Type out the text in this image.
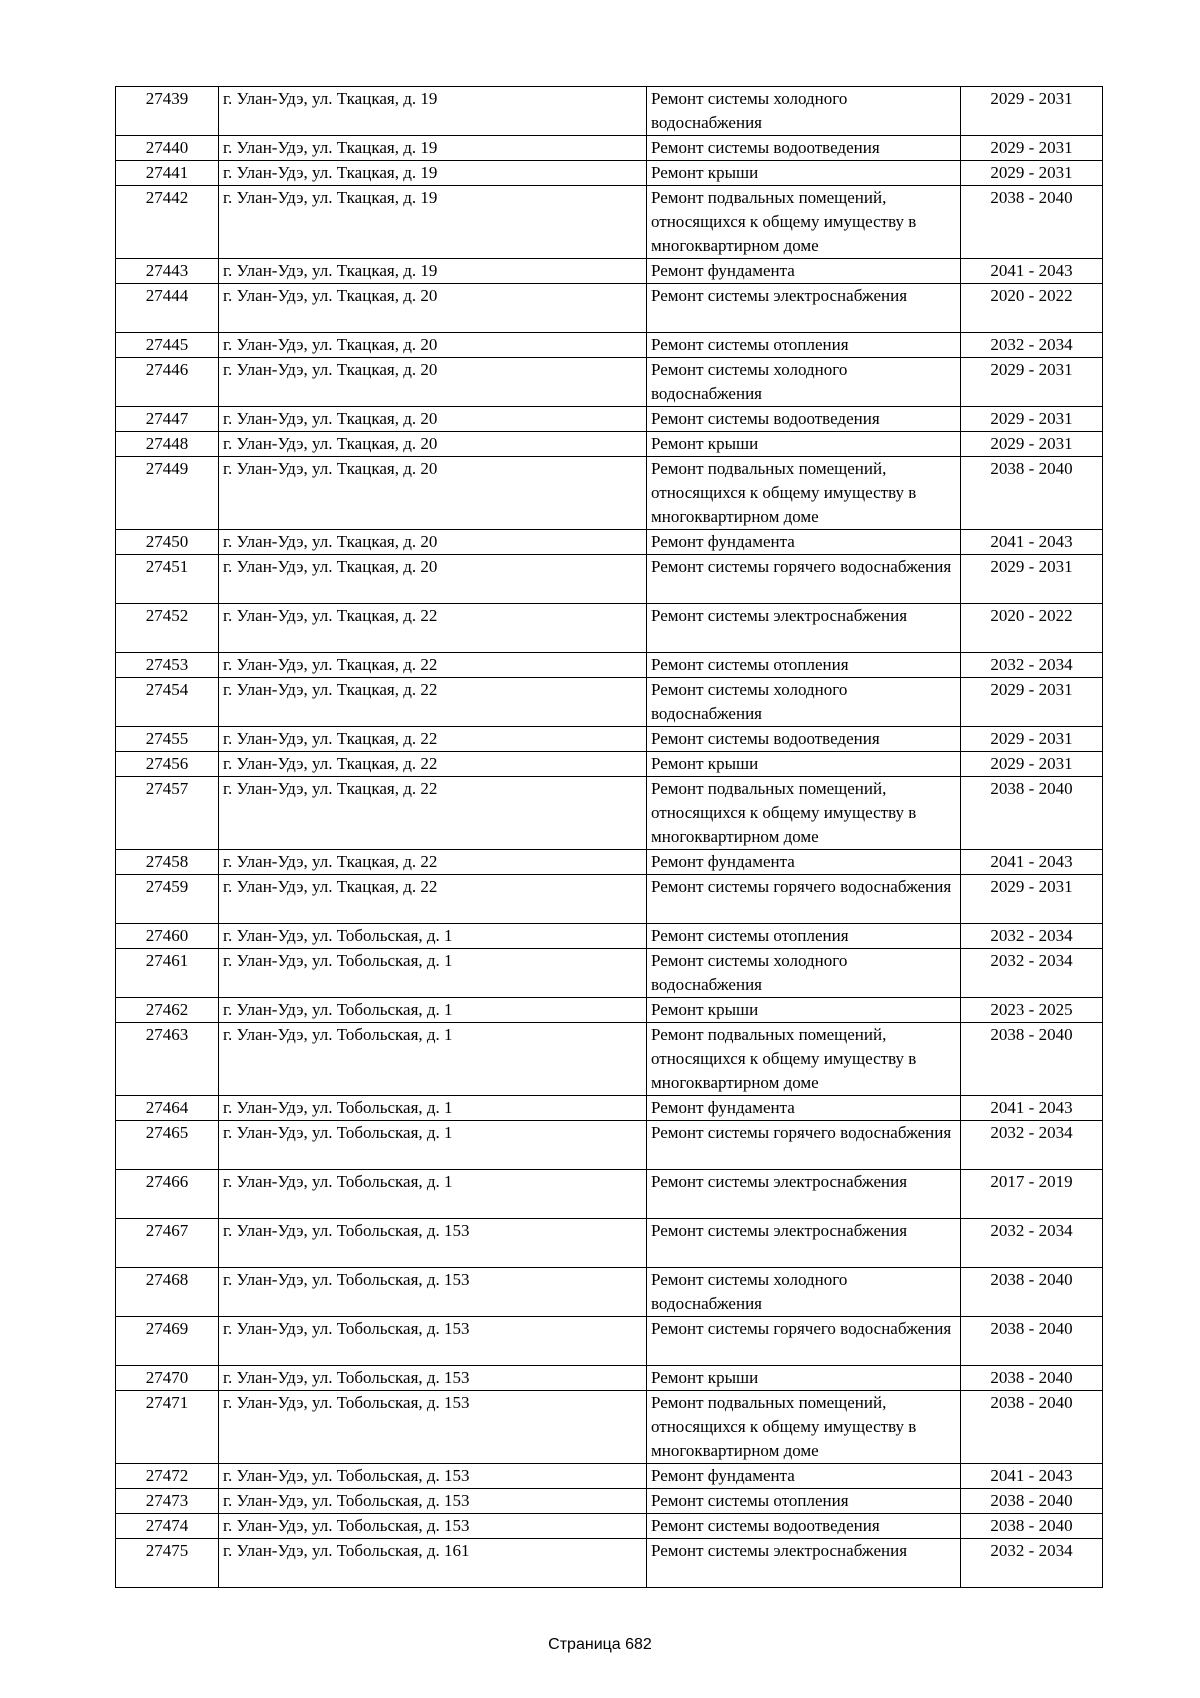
27439	г. Улан-Удэ, ул. Ткацкая, д. 19	Ремонт системы холодного водоснабжения	2029 - 2031
27440	г. Улан-Удэ, ул. Ткацкая, д. 19	Ремонт системы водоотведения	2029 - 2031
27441	г. Улан-Удэ, ул. Ткацкая, д. 19	Ремонт крыши	2029 - 2031
27442	г. Улан-Удэ, ул. Ткацкая, д. 19	Ремонт подвальных помещений, относящихся к общему имуществу в многоквартирном доме	2038 - 2040
27443	г. Улан-Удэ, ул. Ткацкая, д. 19	Ремонт фундамента	2041 - 2043
27444	г. Улан-Удэ, ул. Ткацкая, д. 20	Ремонт системы электроснабжения	2020 - 2022
27445	г. Улан-Удэ, ул. Ткацкая, д. 20	Ремонт системы отопления	2032 - 2034
27446	г. Улан-Удэ, ул. Ткацкая, д. 20	Ремонт системы холодного водоснабжения	2029 - 2031
27447	г. Улан-Удэ, ул. Ткацкая, д. 20	Ремонт системы водоотведения	2029 - 2031
27448	г. Улан-Удэ, ул. Ткацкая, д. 20	Ремонт крыши	2029 - 2031
27449	г. Улан-Удэ, ул. Ткацкая, д. 20	Ремонт подвальных помещений, относящихся к общему имуществу в многоквартирном доме	2038 - 2040
27450	г. Улан-Удэ, ул. Ткацкая, д. 20	Ремонт фундамента	2041 - 2043
27451	г. Улан-Удэ, ул. Ткацкая, д. 20	Ремонт системы горячего водоснабжения	2029 - 2031
27452	г. Улан-Удэ, ул. Ткацкая, д. 22	Ремонт системы электроснабжения	2020 - 2022
27453	г. Улан-Удэ, ул. Ткацкая, д. 22	Ремонт системы отопления	2032 - 2034
27454	г. Улан-Удэ, ул. Ткацкая, д. 22	Ремонт системы холодного водоснабжения	2029 - 2031
27455	г. Улан-Удэ, ул. Ткацкая, д. 22	Ремонт системы водоотведения	2029 - 2031
27456	г. Улан-Удэ, ул. Ткацкая, д. 22	Ремонт крыши	2029 - 2031
27457	г. Улан-Удэ, ул. Ткацкая, д. 22	Ремонт подвальных помещений, относящихся к общему имуществу в многоквартирном доме	2038 - 2040
27458	г. Улан-Удэ, ул. Ткацкая, д. 22	Ремонт фундамента	2041 - 2043
27459	г. Улан-Удэ, ул. Ткацкая, д. 22	Ремонт системы горячего водоснабжения	2029 - 2031
27460	г. Улан-Удэ, ул. Тобольская, д. 1	Ремонт системы отопления	2032 - 2034
27461	г. Улан-Удэ, ул. Тобольская, д. 1	Ремонт системы холодного водоснабжения	2032 - 2034
27462	г. Улан-Удэ, ул. Тобольская, д. 1	Ремонт крыши	2023 - 2025
27463	г. Улан-Удэ, ул. Тобольская, д. 1	Ремонт подвальных помещений, относящихся к общему имуществу в многоквартирном доме	2038 - 2040
27464	г. Улан-Удэ, ул. Тобольская, д. 1	Ремонт фундамента	2041 - 2043
27465	г. Улан-Удэ, ул. Тобольская, д. 1	Ремонт системы горячего водоснабжения	2032 - 2034
27466	г. Улан-Удэ, ул. Тобольская, д. 1	Ремонт системы электроснабжения	2017 - 2019
27467	г. Улан-Удэ, ул. Тобольская, д. 153	Ремонт системы электроснабжения	2032 - 2034
27468	г. Улан-Удэ, ул. Тобольская, д. 153	Ремонт системы холодного водоснабжения	2038 - 2040
27469	г. Улан-Удэ, ул. Тобольская, д. 153	Ремонт системы горячего водоснабжения	2038 - 2040
27470	г. Улан-Удэ, ул. Тобольская, д. 153	Ремонт крыши	2038 - 2040
27471	г. Улан-Удэ, ул. Тобольская, д. 153	Ремонт подвальных помещений, относящихся к общему имуществу в многоквартирном доме	2038 - 2040
27472	г. Улан-Удэ, ул. Тобольская, д. 153	Ремонт фундамента	2041 - 2043
27473	г. Улан-Удэ, ул. Тобольская, д. 153	Ремонт системы отопления	2038 - 2040
27474	г. Улан-Удэ, ул. Тобольская, д. 153	Ремонт системы водоотведения	2038 - 2040
27475	г. Улан-Удэ, ул. Тобольская, д. 161	Ремонт системы электроснабжения	2032 - 2034
Страница 682
